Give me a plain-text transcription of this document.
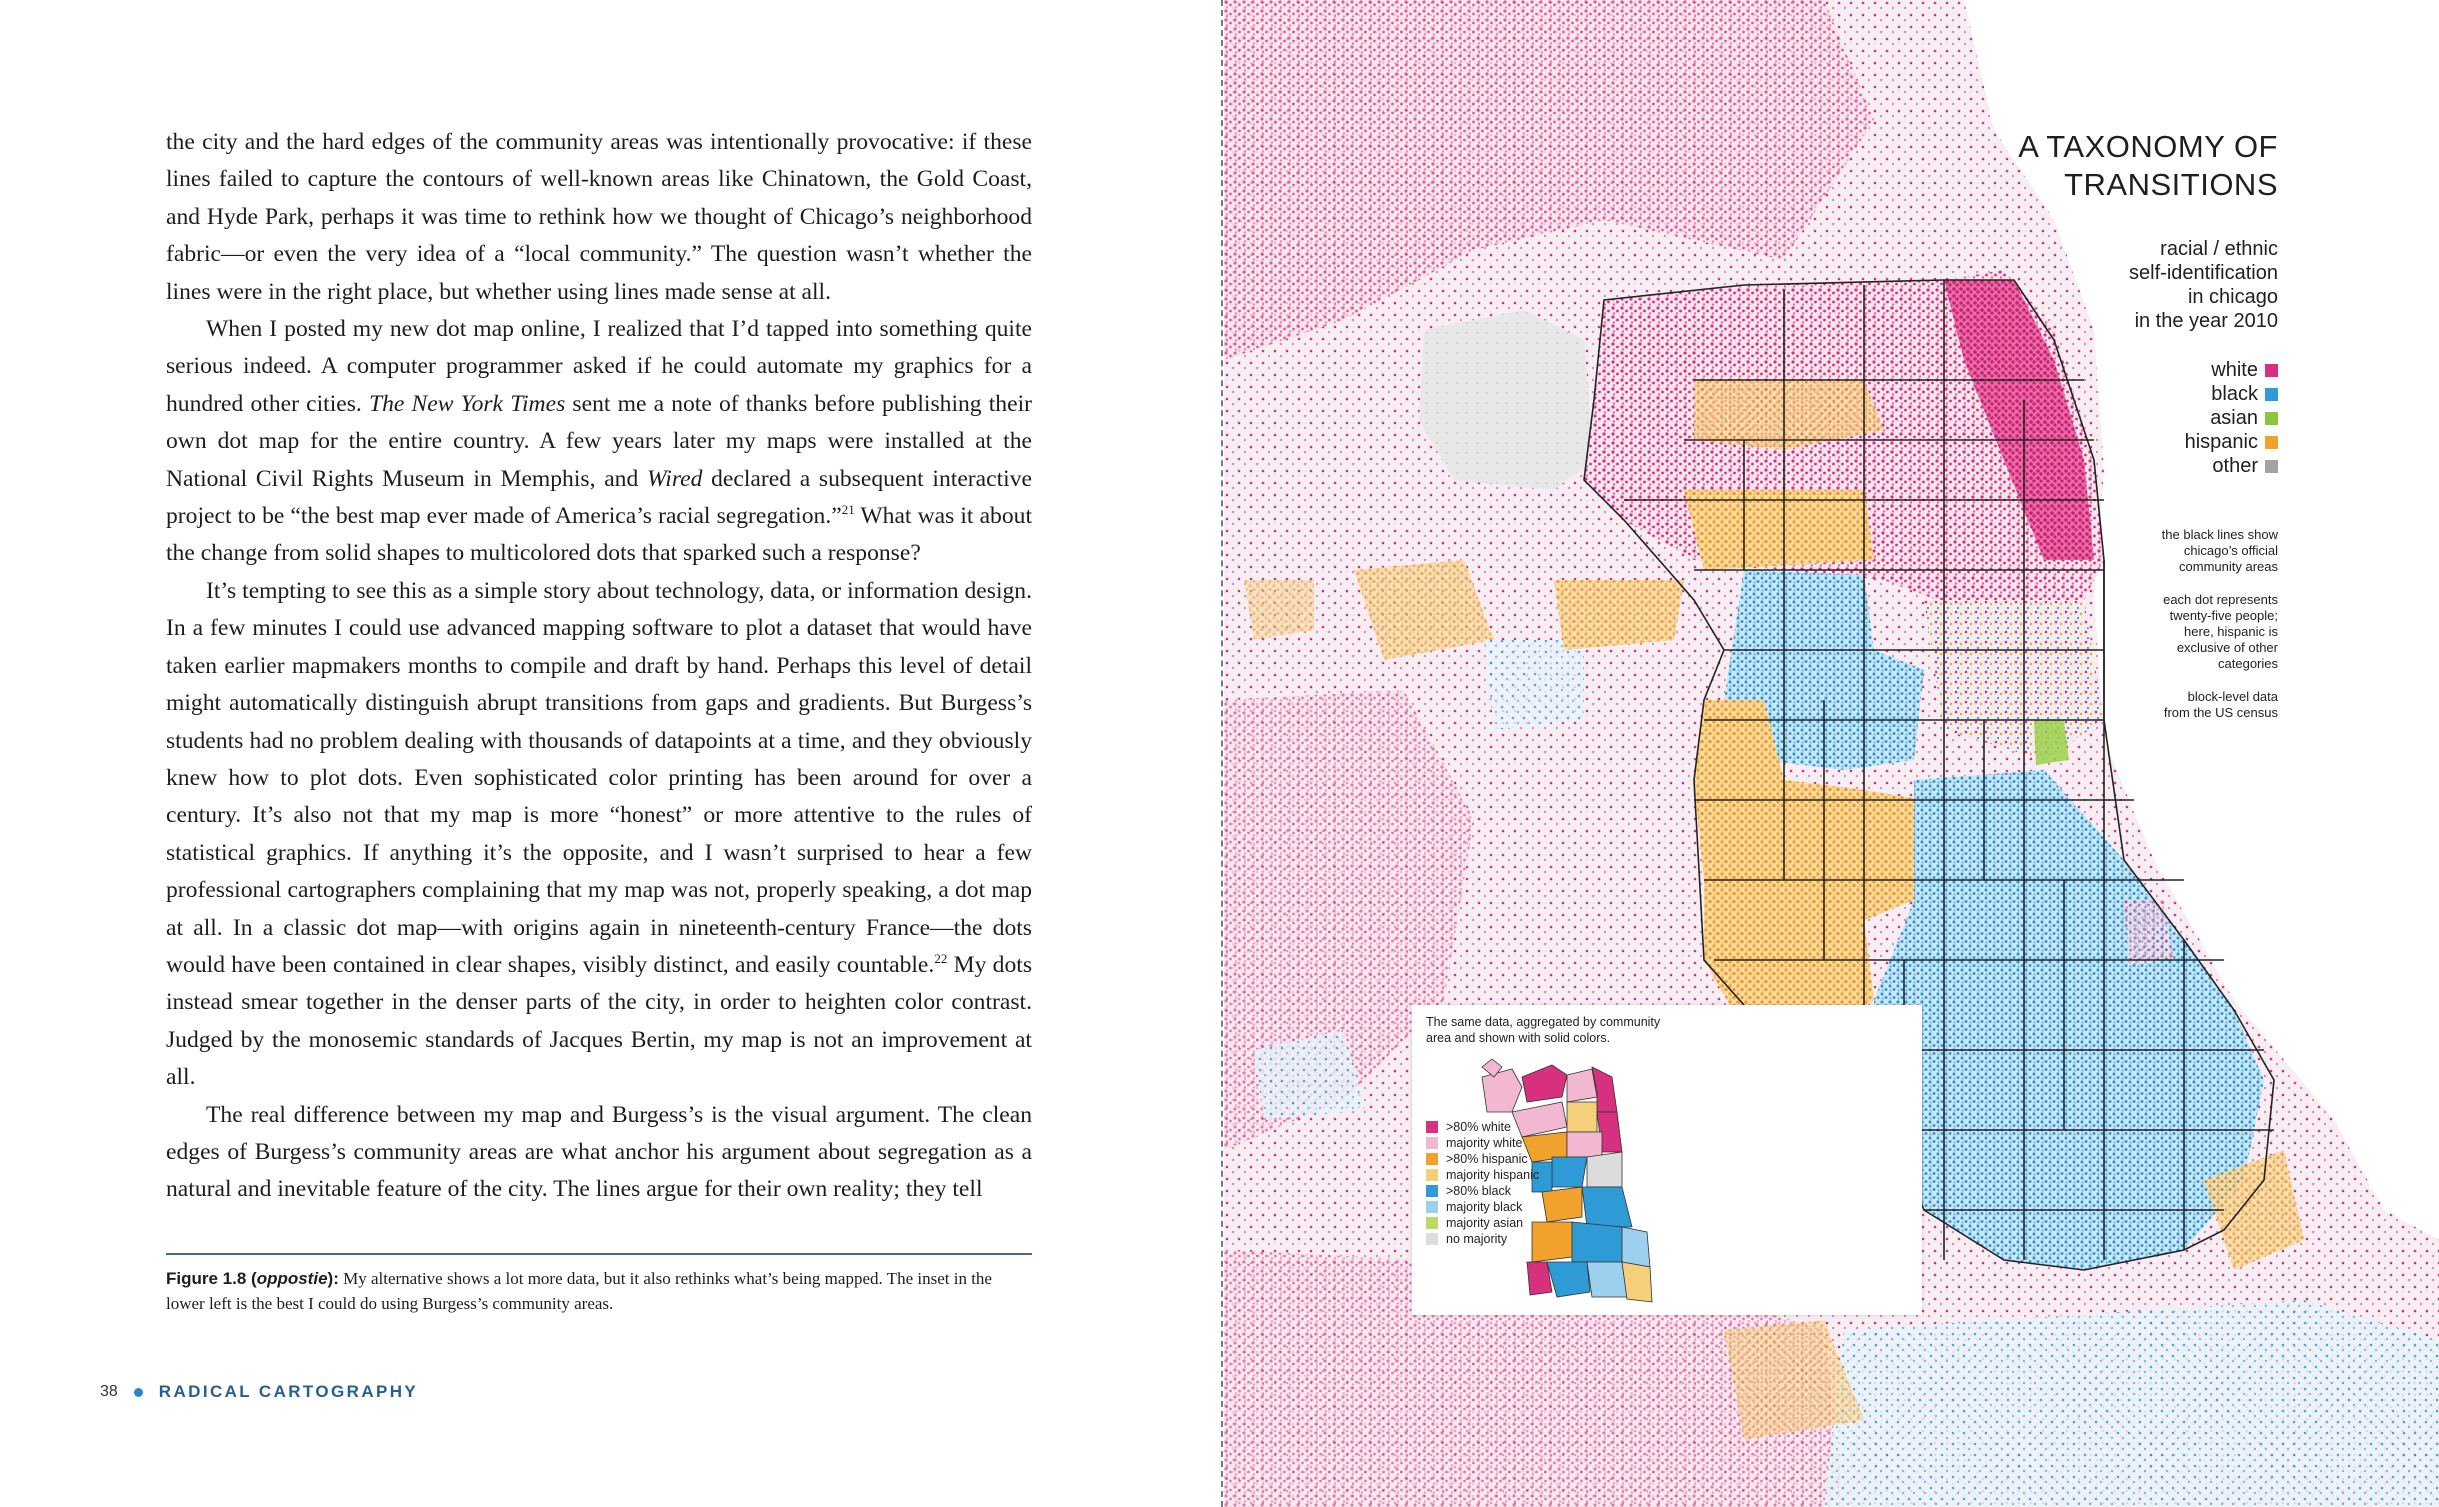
the city and the hard edges of the community areas was intentionally provocative: if these lines failed to capture the contours of well-known areas like Chinatown, the Gold Coast, and Hyde Park, perhaps it was time to rethink how we thought of Chicago’s neighborhood fabric—or even the very idea of a “local community.” The question wasn’t whether the lines were in the right place, but whether using lines made sense at all.

When I posted my new dot map online, I realized that I’d tapped into something quite serious indeed. A computer programmer asked if he could automate my graphics for a hundred other cities. The New York Times sent me a note of thanks before publishing their own dot map for the entire country. A few years later my maps were installed at the National Civil Rights Museum in Memphis, and Wired declared a subsequent interactive project to be “the best map ever made of America’s racial segregation.”$^{21}$ What was it about the change from solid shapes to multicolored dots that sparked such a response?

It’s tempting to see this as a simple story about technology, data, or information design. In a few minutes I could use advanced mapping software to plot a dataset that would have taken earlier mapmakers months to compile and draft by hand. Perhaps this level of detail might automatically distinguish abrupt transitions from gaps and gradients. But Burgess’s students had no problem dealing with thousands of datapoints at a time, and they obviously knew how to plot dots. Even sophisticated color printing has been around for over a century. It’s also not that my map is more “honest” or more attentive to the rules of statistical graphics. If anything it’s the opposite, and I wasn’t surprised to hear a few professional cartographers complaining that my map was not, properly speaking, a dot map at all. In a classic dot map—with origins again in nineteenth-century France—the dots would have been contained in clear shapes, visibly distinct, and easily countable.$^{22}$ My dots instead smear together in the denser parts of the city, in order to heighten color contrast. Judged by the monosemic standards of Jacques Bertin, my map is not an improvement at all.

The real difference between my map and Burgess’s is the visual argument. The clean edges of Burgess’s community areas are what anchor his argument about segregation as a natural and inevitable feature of the city. The lines argue for their own reality; they tell

Figure 1.8 (oppostie): My alternative shows a lot more data, but it also rethinks what’s being mapped. The inset in the lower left is the best I could do using Burgess’s community areas.
38 RADICAL CARTOGRAPHY
A TAXONOMY OF
TRANSITIONS
racial / ethnic
self-identification
in chicago
in the year 2010
white
black
asian
hispanic
other
the black lines show
chicago’s official
community areas
each dot represents
twenty-five people;
here, hispanic is
exclusive of other
categories
block-level data
from the US census
The same data, aggregated by community
area and shown with solid colors.
>80% white
majority white
>80% hispanic
majority hispanic
>80% black
majority black
majority asian
no majority
